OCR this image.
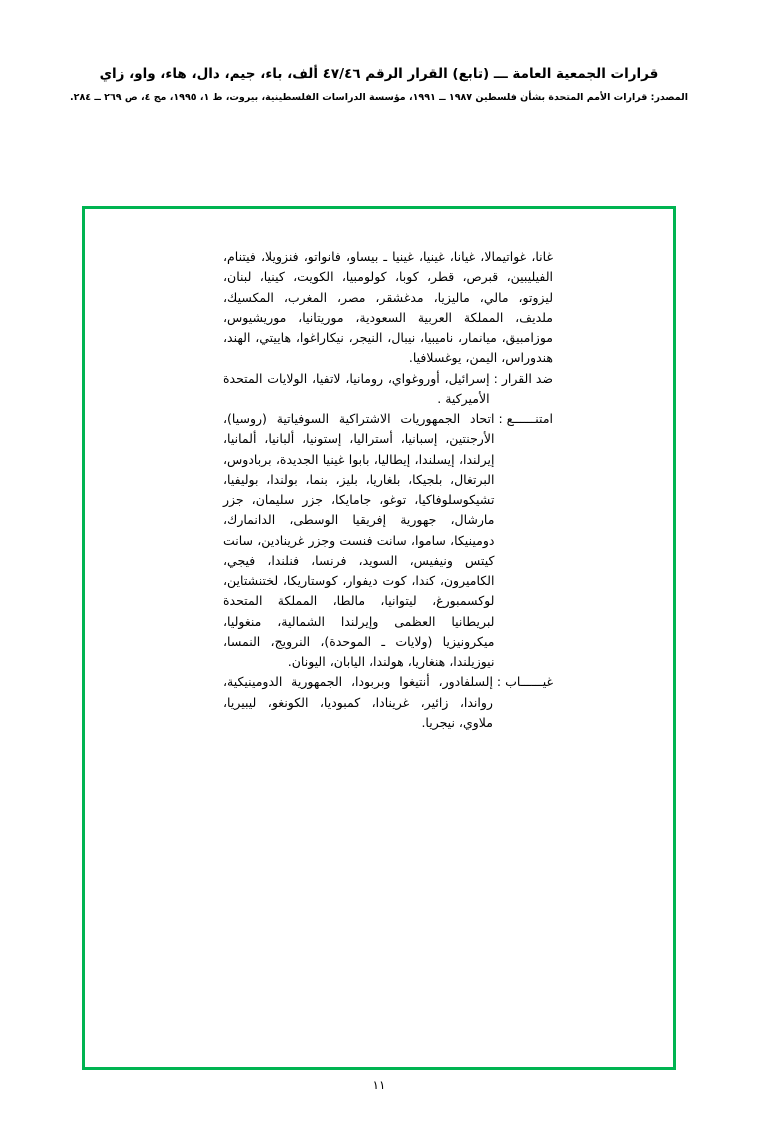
قرارات الجمعية العامة ـــ (تابع) القرار الرقم ٤٧/٤٦ ألف، باء، جيم، دال، هاء، واو، زاي
المصدر: قرارات الأمم المتحدة بشأن فلسطين ١٩٨٧ ــ ١٩٩١، مؤسسة الدراسات الفلسطينية، بيروت، ط ١، ١٩٩٥، مج ٤، ص ٢٦٩ ــ ٢٨٤.
غانا، غواتيمالا، غيانا، غينيا، غينيا ـ بيساو، فانواتو، فنزويلا، فيتنام، الفيليبين، قبرص، قطر، كوبا، كولومبيا، الكويت، كينيا، لبنان، ليزوتو، مالي، ماليزيا، مدغشقر، مصر، المغرب، المكسيك، ملديف، المملكة العربية السعودية، موريتانيا، موريشيوس، موزامبيق، ميانمار، ناميبيا، نيبال، النيجر، نيكاراغوا، هاييتي، الهند، هندوراس، اليمن، يوغسلافيا.
ضد القرار
:
إسرائيل، أوروغواي، رومانيا، لاتفيا، الولايات المتحدة الأميركية .
امتنــــــع
:
اتحاد الجمهوريات الاشتراكية السوفياتية (روسيا)، الأرجنتين، إسبانيا، أستراليا، إستونيا، ألبانيا، ألمانيا، إيرلندا، إيسلندا، إيطاليا، بابوا غينيا الجديدة، بربادوس، البرتغال، بلجيكا، بلغاريا، بليز، بنما، بولندا، بوليفيا، تشيكوسلوفاكيا، توغو، جامايكا، جزر سليمان، جزر مارشال، جهورية إفريقيا الوسطى، الدانمارك، دومينيكا، ساموا، سانت فنست وجزر غرينادين، سانت كيتس ونيفيس، السويد، فرنسا، فنلندا، فيجي، الكاميرون، كندا، كوت ديفوار، كوستاريكا، لختنشتاين، لوكسمبورغ، ليتوانيا، مالطا، المملكة المتحدة لبريطانيا العظمى وإيرلندا الشمالية، منغوليا، ميكرونيزيا (ولايات ـ الموحدة)، النرويج، النمسا، نيوزيلندا، هنغاريا، هولندا، اليابان، اليونان.
غيــــــاب
:
إلسلفادور، أنتيغوا وبربودا، الجمهورية الدومينيكية، رواندا، زائير، غرينادا، كمبوديا، الكونغو، ليبيريا، ملاوي، نيجريا.
١١
